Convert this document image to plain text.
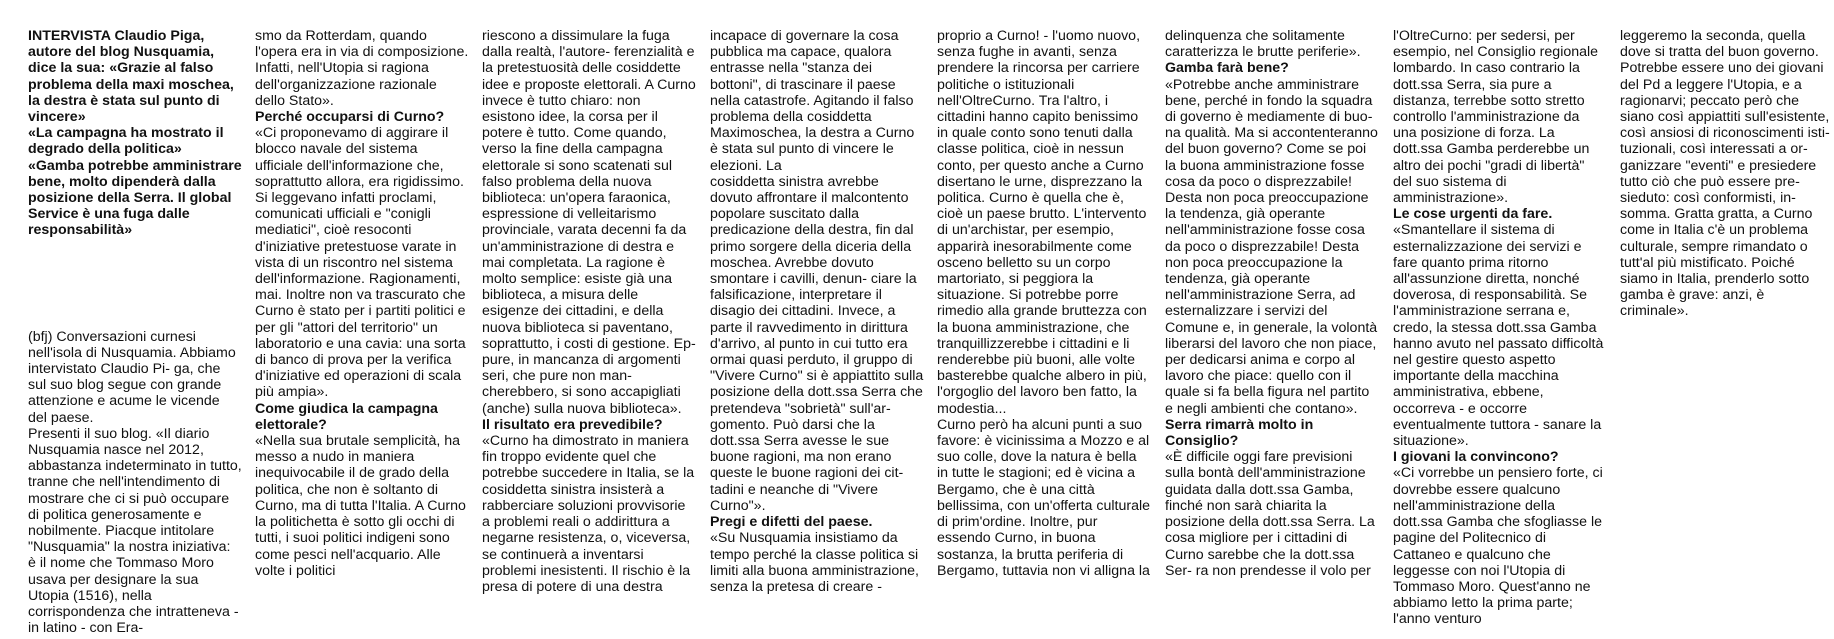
INTERVISTA Claudio Piga, autore del blog Nusquamia, dice la sua: «Grazie al falso problema della maxi moschea, la destra è stata sul punto di vincere»

«La campagna ha mostrato il degrado della politica»

«Gamba potrebbe amministrare bene, molto dipenderà dalla posizione della Serra. Il global Service è una fuga dalle responsabilità»

(bfj) Conversazioni curnesi nell'isola di Nusquamia. Abbiamo intervistato Claudio Pi- ga, che sul suo blog segue con grande attenzione e acume le vicende del paese.

Presenti il suo blog. «Il diario Nusquamia nasce nel 2012, abbastanza indeterminato in tutto, tranne che nell'intendimento di mostrare che ci si può occupare di politica generosamente e nobilmente. Piacque intitolare "Nusquamia" la nostra iniziativa: è il nome che Tommaso Moro usava per designare la sua Utopia (1516), nella corrispondenza che intratteneva - in latino - con Era-

smo da Rotterdam, quando l'opera era in via di composizione. Infatti, nell'Utopia si ragiona dell'organizzazione razionale dello Stato».

Perché occuparsi di Curno?

«Ci proponevamo di aggirare il blocco navale del sistema ufficiale dell'informazione che, soprattutto allora, era rigidissimo. Si leggevano infatti proclami, comunicati ufficiali e "conigli mediatici", cioè resoconti d'iniziative pretestuose varate in vista di un riscontro nel sistema dell'informazione. Ragionamenti, mai. Inoltre non va trascurato che Curno è stato per i partiti politici e per gli "attori del territorio" un laboratorio e una cavia: una sorta di banco di prova per la verifica d'iniziative ed operazioni di scala più ampia».

Come giudica la campagna elettorale?

«Nella sua brutale semplicità, ha messo a nudo in maniera inequivocabile il de grado della politica, che non è soltanto di Curno, ma di tutta l'Italia. A Curno la politichetta è sotto gli occhi di tutti, i suoi politici indigeni sono come pesci nell'acquario. Alle volte i politici

riescono a dissimulare la fuga dalla realtà, l'autore- ferenzialità e la pretestuosità delle cosiddette idee e proposte elettorali. A Curno invece è tutto chiaro: non esistono idee, la corsa per il potere è tutto. Come quando, verso la fine della campagna elettorale si sono scatenati sul falso problema della nuova biblioteca: un'opera faraonica, espressione di velleitarismo provinciale, varata decenni fa da un'amministrazione di destra e mai completata. La ragione è molto semplice: esiste già una biblioteca, a misura delle esigenze dei cittadini, e della nuova biblioteca si paventano, soprattutto, i costi di gestione. Ep- pure, in mancanza di argomenti seri, che pure non man- cherebbero, si sono accapigliati (anche) sulla nuova biblioteca».

Il risultato era prevedibile?

«Curno ha dimostrato in maniera fin troppo evidente quel che potrebbe succedere in Italia, se la cosiddetta sinistra insisterà a rabberciare soluzioni provvisorie a problemi reali o addirittura a negarne resistenza, o, viceversa, se continuerà a inventarsi problemi inesistenti. Il rischio è la presa di potere di una destra

incapace di governare la cosa pubblica ma capace, qualora entrasse nella "stanza dei bottoni", di trascinare il paese nella catastrofe. Agitando il falso problema della cosiddetta Maximoschea, la destra a Curno è stata sul punto di vincere le elezioni. La

cosiddetta sinistra avrebbe dovuto affrontare il malcontento popolare suscitato dalla predicazione della destra, fin dal primo sorgere della diceria della moschea. Avrebbe dovuto smontare i cavilli, denun- ciare la falsificazione, interpretare il disagio dei cittadini. Invece, a parte il ravvedimento in dirittura d'arrivo, al punto in cui tutto era ormai quasi perduto, il gruppo di "Vivere Curno" si è appiattito sulla posizione della dott.ssa Serra che pretendeva "sobrietà" sull'ar- gomento. Può darsi che la dott.ssa Serra avesse le sue buone ragioni, ma non erano queste le buone ragioni dei cit- tadini e neanche di "Vivere Curno"».

Pregi e difetti del paese.

«Su Nusquamia insistiamo da tempo perché la classe politica si limiti alla buona amministrazione, senza la pretesa di creare -

proprio a Curno! - l'uomo nuovo, senza fughe in avanti, senza prendere la rincorsa per carriere politiche o istituzionali nell'OltreCurno. Tra l'altro, i cittadini hanno capito benissimo in quale conto sono tenuti dalla classe politica, cioè in nessun conto, per questo anche a Curno disertano le urne, disprezzano la politica. Curno è quella che è, cioè un paese brutto. L'intervento di un'archistar, per esempio, apparirà inesorabilmente come osceno belletto su un corpo martoriato, si peggiora la situazione. Si potrebbe porre rimedio alla grande bruttezza con la buona amministrazione, che tranquillizzerebbe i cittadini e li renderebbe più buoni, alle volte basterebbe qualche albero in più, l'orgoglio del lavoro ben fatto, la modestia...

Curno però ha alcuni punti a suo favore: è vicinissima a Mozzo e al suo colle, dove la natura è bella in tutte le stagioni; ed è vicina a Bergamo, che è una città bellissima, con un'offerta culturale di prim'ordine. Inoltre, pur essendo Curno, in buona sostanza, la brutta periferia di Bergamo, tuttavia non vi alligna la

delinquenza che solitamente caratterizza le brutte periferie».

Gamba farà bene?

«Potrebbe anche amministrare bene, perché in fondo la squadra di governo è mediamente di buo- na qualità. Ma si accontenteranno del buon governo? Come se poi la buona amministrazione fosse cosa da poco o disprezzabile! Desta non poca preoccupazione la tendenza, già operante nell'amministrazione fosse cosa da poco o disprezzabile! Desta non poca preoccupazione la tendenza, già operante nell'amministrazione Serra, ad esternalizzare i servizi del Comune e, in generale, la volontà liberarsi del lavoro che non piace, per dedicarsi anima e corpo al lavoro che piace: quello con il quale si fa bella figura nel partito e negli ambienti che contano».

Serra rimarrà molto in Consiglio?

«È difficile oggi fare previsioni sulla bontà dell'amministrazione guidata dalla dott.ssa Gamba, finché non sarà chiarita la posizione della dott.ssa Serra. La cosa migliore per i cittadini di Curno sarebbe che la dott.ssa Ser- ra non prendesse il volo per

l'OltreCurno: per sedersi, per esempio, nel Consiglio regionale lombardo. In caso contrario la dott.ssa Serra, sia pure a distanza, terrebbe sotto stretto controllo l'amministrazione da una posizione di forza. La dott.ssa Gamba perderebbe un altro dei pochi "gradi di libertà" del suo sistema di amministrazione».

Le cose urgenti da fare.

«Smantellare il sistema di esternalizzazione dei servizi e fare quanto prima ritorno all'assunzione diretta, nonché doverosa, di responsabilità. Se l'amministrazione serrana e, credo, la stessa dott.ssa Gamba hanno avuto nel passato difficoltà nel gestire questo aspetto importante della macchina amministrativa, ebbene, occorreva - e occorre eventualmente tuttora - sanare la situazione».

I giovani la convincono?

«Ci vorrebbe un pensiero forte, ci dovrebbe essere qualcuno nell'amministrazione della dott.ssa Gamba che sfogliasse le pagine del Politecnico di Cattaneo e qualcuno che leggesse con noi l'Utopia di Tommaso Moro. Quest'anno ne abbiamo letto la prima parte; l'anno venturo

leggeremo la seconda, quella dove si tratta del buon governo. Potrebbe essere uno dei giovani del Pd a leggere l'Utopia, e a ragionarvi; peccato però che siano così appiattiti sull'esistente, così ansiosi di riconoscimenti isti- tuzionali, così interessati a or- ganizzare "eventi" e presiedere tutto ciò che può essere pre- sieduto: così conformisti, in- somma. Gratta gratta, a Curno come in Italia c'è un problema culturale, sempre rimandato o tutt'al più mistificato. Poiché siamo in Italia, prenderlo sotto gamba è grave: anzi, è criminale».
